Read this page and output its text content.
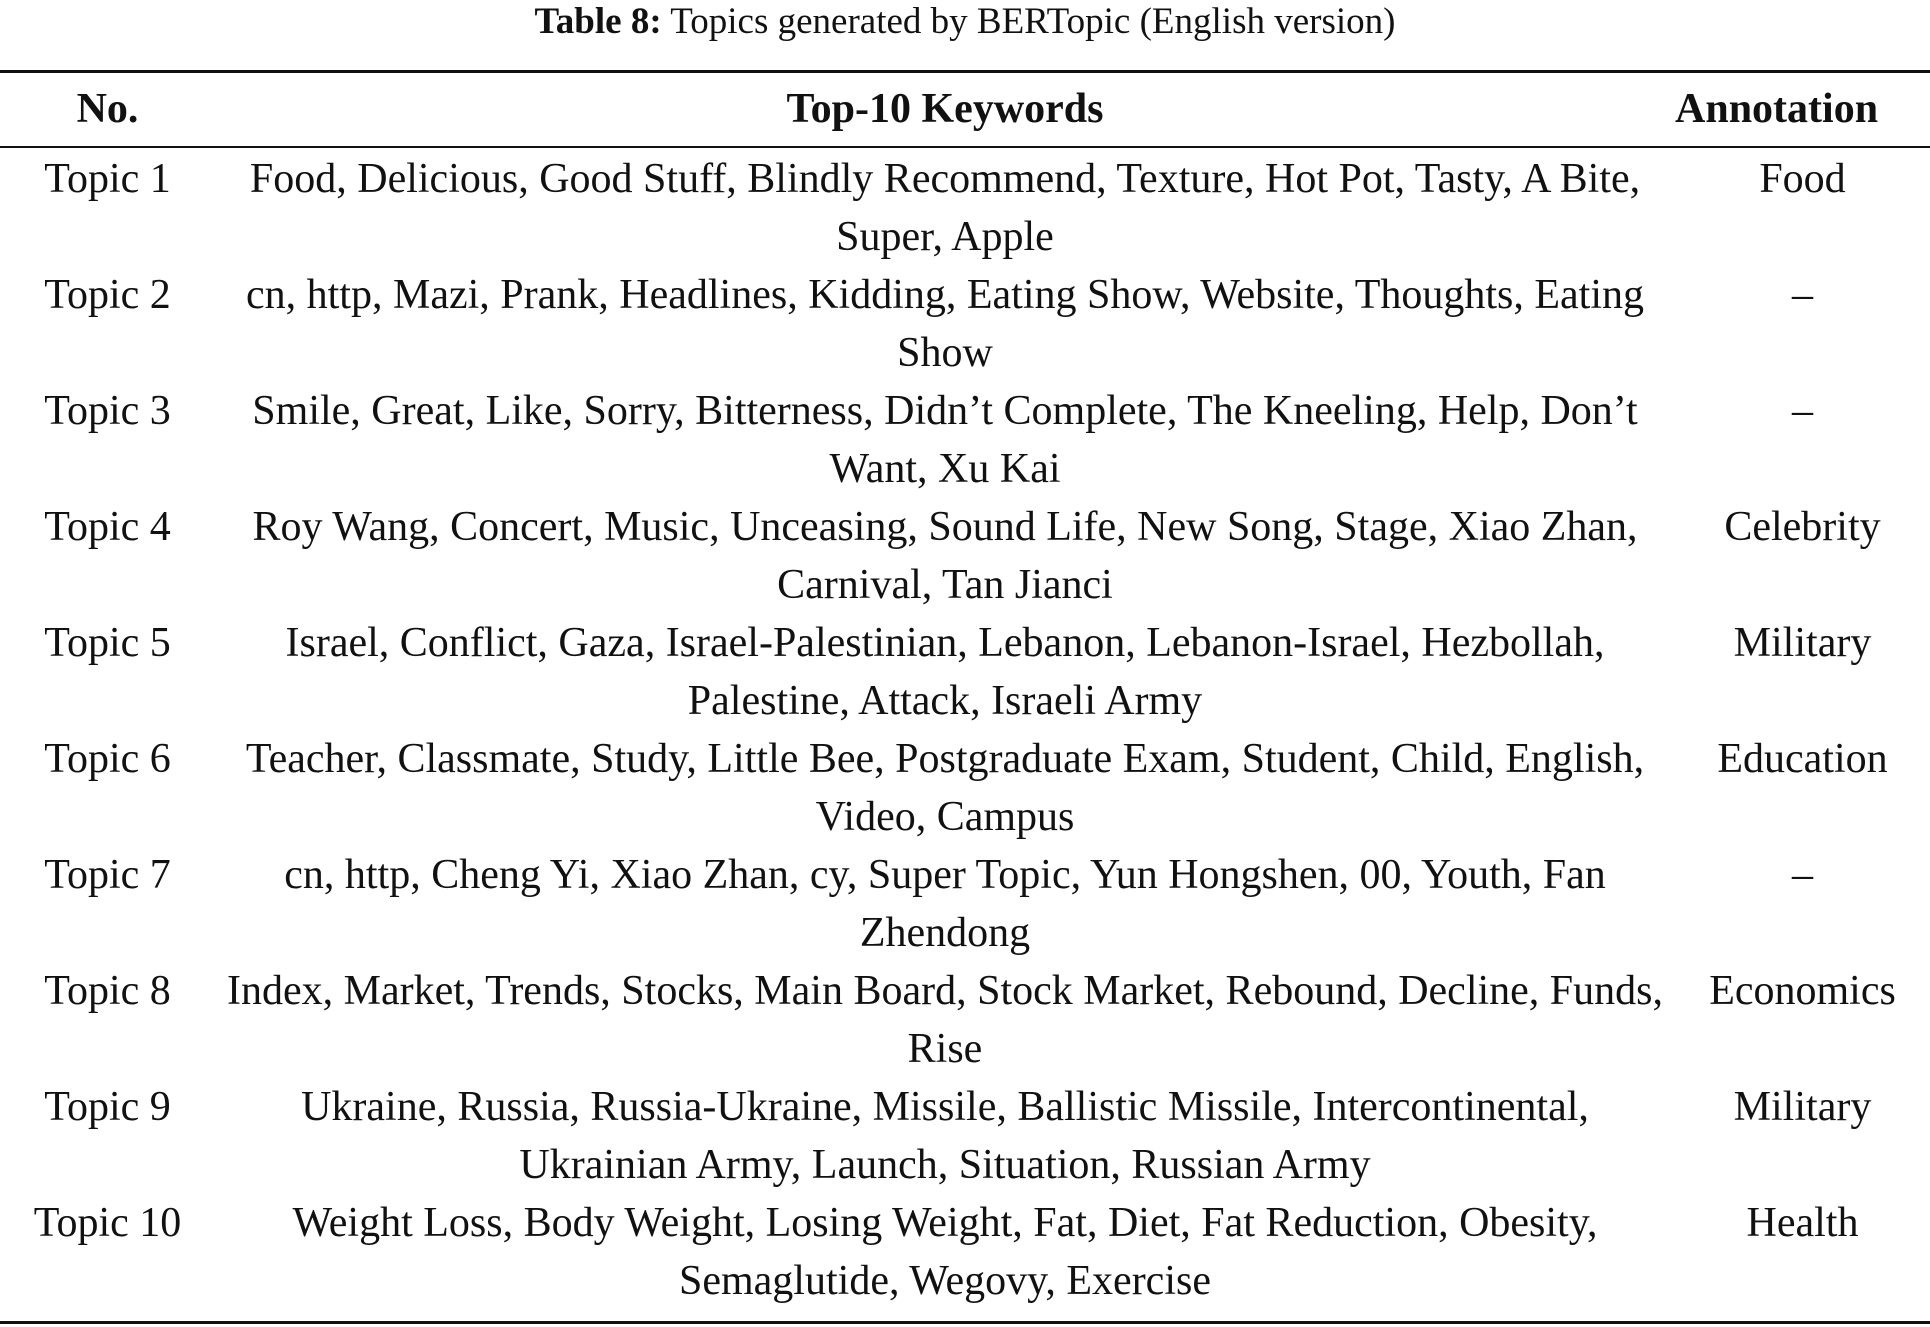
Table 8: Topics generated by BERTopic (English version)
No.	Top-10 Keywords	Annotation
Topic 1	Food, Delicious, Good Stuff, Blindly Recommend, Texture, Hot Pot, Tasty, A Bite, Super, Apple	Food
Topic 2	cn, http, Mazi, Prank, Headlines, Kidding, Eating Show, Website, Thoughts, Eating Show	–
Topic 3	Smile, Great, Like, Sorry, Bitterness, Didn’t Complete, The Kneeling, Help, Don’t Want, Xu Kai	–
Topic 4	Roy Wang, Concert, Music, Unceasing, Sound Life, New Song, Stage, Xiao Zhan, Carnival, Tan Jianci	Celebrity
Topic 5	Israel, Conflict, Gaza, Israel-Palestinian, Lebanon, Lebanon-Israel, Hezbollah, Palestine, Attack, Israeli Army	Military
Topic 6	Teacher, Classmate, Study, Little Bee, Postgraduate Exam, Student, Child, English, Video, Campus	Education
Topic 7	cn, http, Cheng Yi, Xiao Zhan, cy, Super Topic, Yun Hongshen, 00, Youth, Fan Zhendong	–
Topic 8	Index, Market, Trends, Stocks, Main Board, Stock Market, Rebound, Decline, Funds, Rise	Economics
Topic 9	Ukraine, Russia, Russia-Ukraine, Missile, Ballistic Missile, Intercontinental, Ukrainian Army, Launch, Situation, Russian Army	Military
Topic 10	Weight Loss, Body Weight, Losing Weight, Fat, Diet, Fat Reduction, Obesity, Semaglutide, Wegovy, Exercise	Health
